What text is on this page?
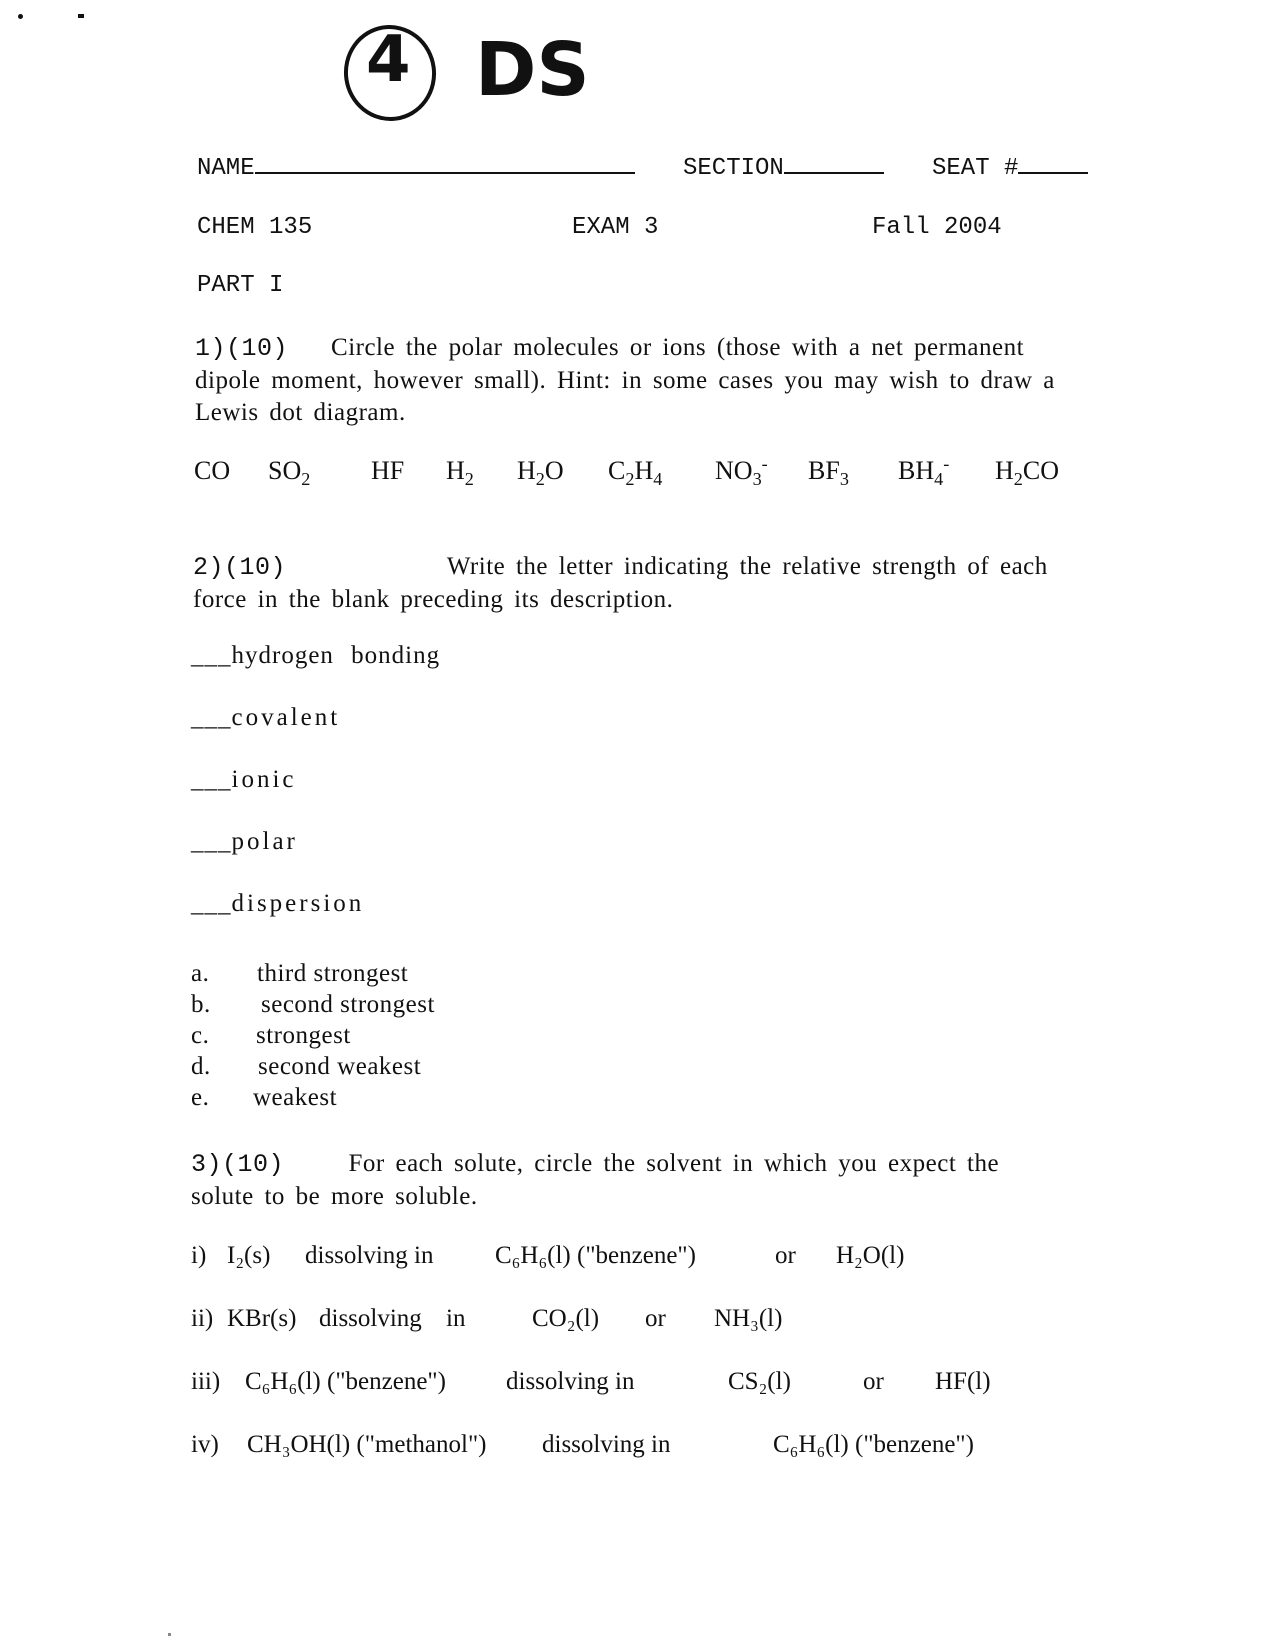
4 DS
NAME	SECTION	SEAT #
CHEM 135	EXAM 3	Fall 2004
PART I
1)(10) Circle the polar molecules or ions (those with a net permanent dipole moment, however small). Hint: in some cases you may wish to draw a Lewis dot diagram.
CO $SO_2$ HF $H_2$ $H_2O$ $C_2H_4$ $NO_3^-$ $BF_3$ $BH_4^-$ $H_2CO$
2)(10)	Write the letter indicating the relative strength of each force in the blank preceding its description.
___hydrogen bonding
___covalent
___ionic
___polar
___dispersion
a. third strongest
b. second strongest
c. strongest
d. second weakest
e. weakest
3)(10)	For each solute, circle the solvent in which you expect the solute to be more soluble.
i) I₂(s) dissolving in C₆H₆(l) ("benzene")	or H₂O(l)
ii) KBr(s) dissolving in	CO₂(l) or NH₃(l)
iii) C₆H₆(l) ("benzene") dissolving in	CS₂(l)	or HF(l)
iv) CH₃OH(l) ("methanol") dissolving in	C₆H₆(l) ("benzene")
